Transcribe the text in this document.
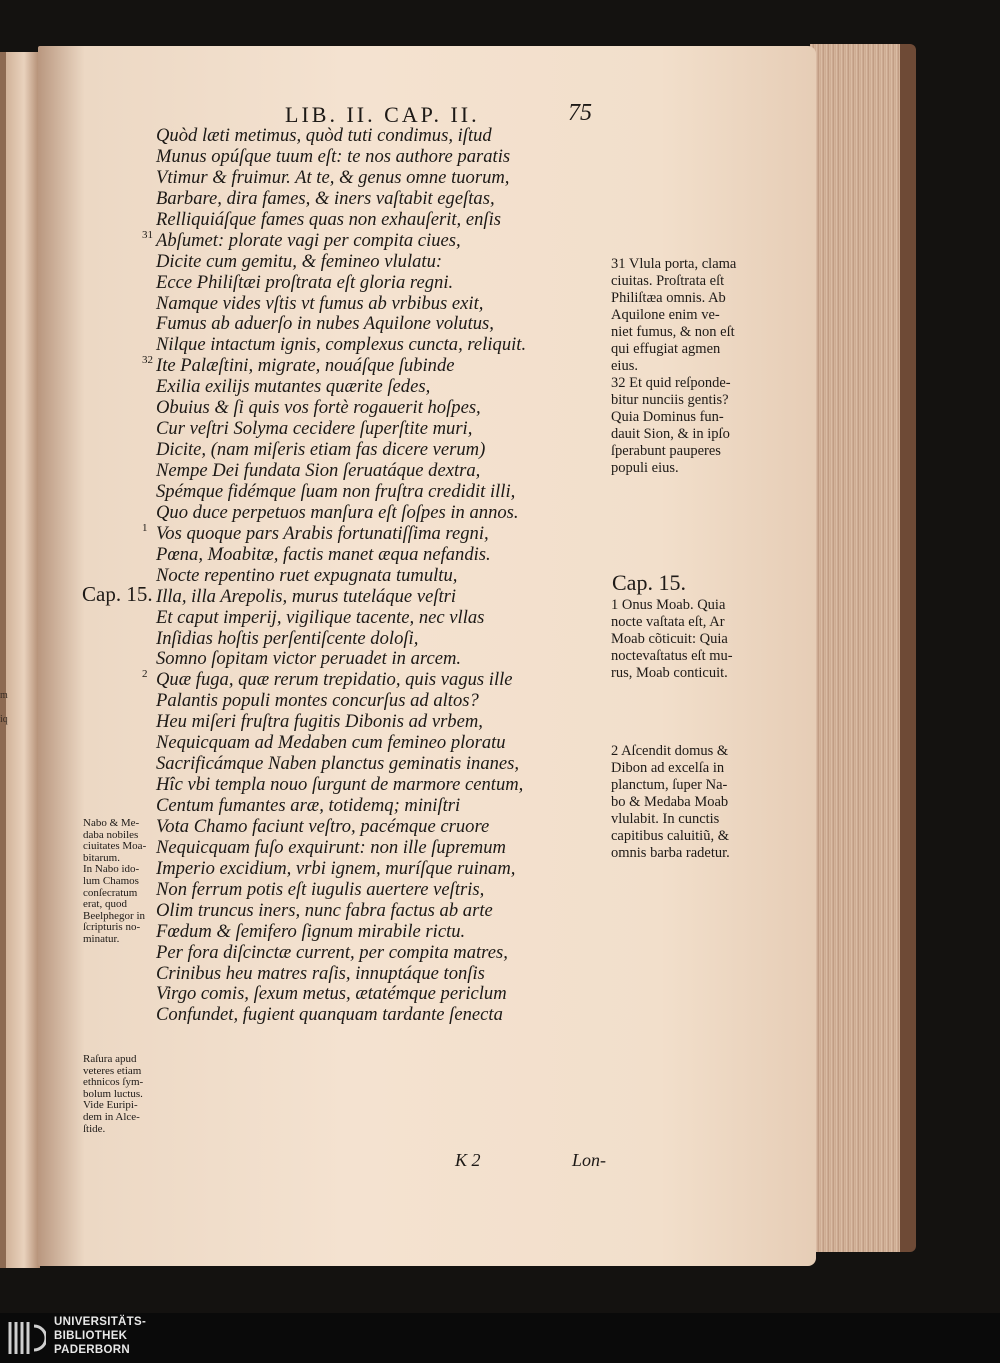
m
iq
LIB. II. CAP. II.	75
Quòd læti metimus, quòd tuti condimus, iſtud
Munus opúſque tuum eſt: te nos authore paratis
Vtimur & fruimur. At te, & genus omne tuorum,
Barbare, dira fames, & iners vaſtabit egeſtas,
Relliquiáſque fames quas non exhauſerit, enſis
31 Abſumet: plorate vagi per compita ciues,
Dicite cum gemitu, & femineo vlulatu:
Ecce Philiſtæi proſtrata eſt gloria regni.
Namque vides vſtis vt fumus ab vrbibus exit,
Fumus ab aduerſo in nubes Aquilone volutus,
Nilque intactum ignis, complexus cuncta, reliquit.
32 Ite Palæſtini, migrate, nouáſque ſubinde
Exilia exilijs mutantes quærite ſedes,
Obuius & ſi quis vos fortè rogauerit hoſpes,
Cur veſtri Solyma cecidere ſuperſtite muri,
Dicite, (nam miſeris etiam fas dicere verum)
Nempe Dei fundata Sion ſeruatáque dextra,
Spémque fidémque ſuam non fruſtra credidit illi,
Quo duce perpetuos manſura eſt ſoſpes in annos.
1 Vos quoque pars Arabis fortunatiſſima regni,
Pœna, Moabitæ, factis manet æqua nefandis.
Nocte repentino ruet expugnata tumultu,
Illa, illa Arepolis, murus tuteláque veſtri
Et caput imperij, vigilique tacente, nec vllas
Inſidias hoſtis perſentiſcente doloſi,
Somno ſopitam victor peruadet in arcem.
2 Quæ fuga, quæ rerum trepidatio, quis vagus ille
Palantis populi montes concurſus ad altos?
Heu miſeri fruſtra fugitis Dibonis ad vrbem,
Nequicquam ad Medaben cum femineo ploratu
Sacrificámque Naben planctus geminatis inanes,
Hîc vbi templa nouo ſurgunt de marmore centum,
Centum fumantes aræ, totidemq; miniſtri
Vota Chamo faciunt veſtro, pacémque cruore
Nequicquam fuſo exquirunt: non ille ſupremum
Imperio excidium, vrbi ignem, muríſque ruinam,
Non ferrum potis eſt iugulis auertere veſtris,
Olim truncus iners, nunc fabra factus ab arte
Fœdum & ſemifero ſignum mirabile rictu.
Per fora diſcinctæ current, per compita matres,
Crinibus heu matres raſis, innuptáque tonſis
Virgo comis, ſexum metus, ætatémque periclum
Confundet, fugient quanquam tardante ſenecta
Cap. 15.
Nabo & Me-
daba nobiles
ciuitates Moa-
bitarum.
In Nabo ido-
lum Chamos
conſecratum
erat, quod
Beelphegor in
ſcripturis no-
minatur.
Raſura apud
veteres etiam
ethnicos ſym-
bolum luctus.
Vide Euripi-
dem in Alce-
ſtide.
31 Vlula porta, clama
ciuitas. Proſtrata eſt
Philiſtæa omnis. Ab
Aquilone enim ve-
niet fumus, & non eſt
qui effugiat agmen
eius.
32 Et quid reſponde-
bitur nunciis gentis?
Quia Dominus fun-
dauit Sion, & in ipſo
ſperabunt pauperes
populi eius.
Cap. 15.
1 Onus Moab. Quia
nocte vaſtata eſt, Ar
Moab cõticuit: Quia
noctevaſtatus eſt mu-
rus, Moab conticuit.
2 Aſcendit domus &
Dibon ad excelſa in
planctum, ſuper Na-
bo & Medaba Moab
vlulabit. In cunctis
capitibus caluitiũ, &
omnis barba radetur.
K 2	Lon-
UNIVERSITÄTS-
BIBLIOTHEK
PADERBORN
